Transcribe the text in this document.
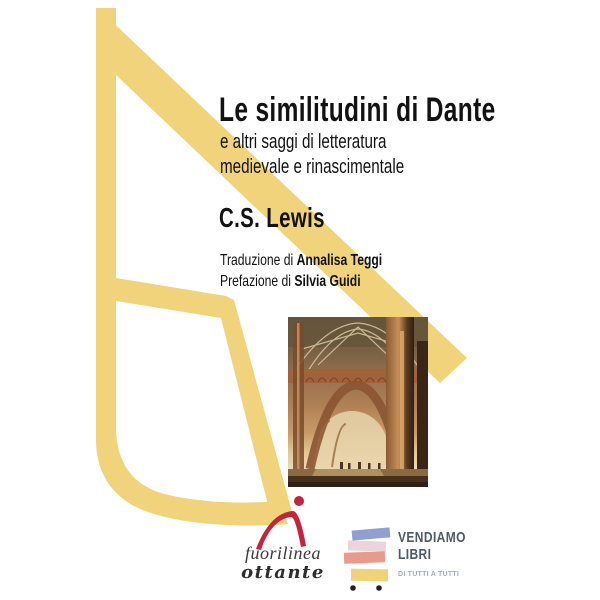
Le similitudini di Dante
e altri saggi di letteratura
medievale e rinascimentale
C.S. Lewis
Traduzione di Annalisa Teggi
Prefazione di Silvia Guidi
fuorilinea
ottante
VENDIAMO
LIBRI
DI TUTTI A TUTTI
